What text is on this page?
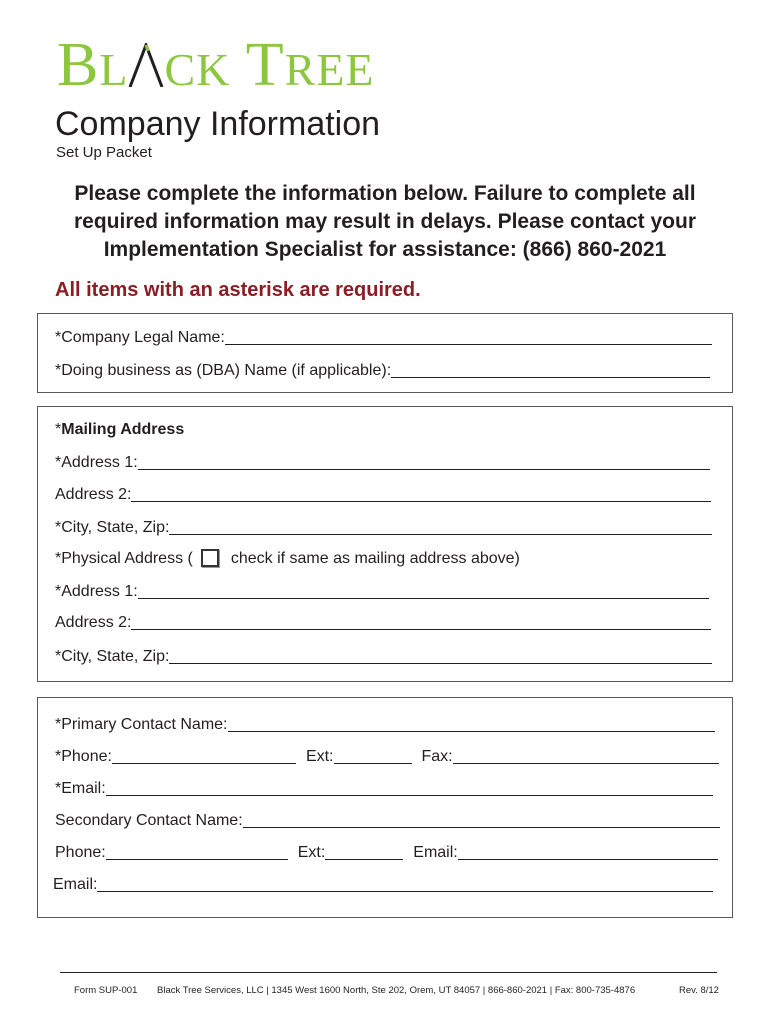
BL CK TREE
Company Information
Set Up Packet
Please complete the information below. Failure to complete all
required information may result in delays. Please contact your
Implementation Specialist for assistance: (866) 860-2021
All items with an asterisk are required.
*Company Legal Name:
*Doing business as (DBA) Name (if applicable):
* Mailing Address
*Address 1:
Address 2:
*City, State, Zip:
*Physical Address ( check if same as mailing address above)
*Address 1:
Address 2:
*City, State, Zip:
*Primary Contact Name:
*Phone:	Ext:	Fax:
*Email:
Secondary Contact Name:
Phone:	Ext:	Email:
Email:
Form SUP-001 Black Tree Services, LLC | 1345 West 1600 North, Ste 202, Orem, UT 84057 | 866-860-2021 | Fax: 800-735-4876	Rev. 8/12
